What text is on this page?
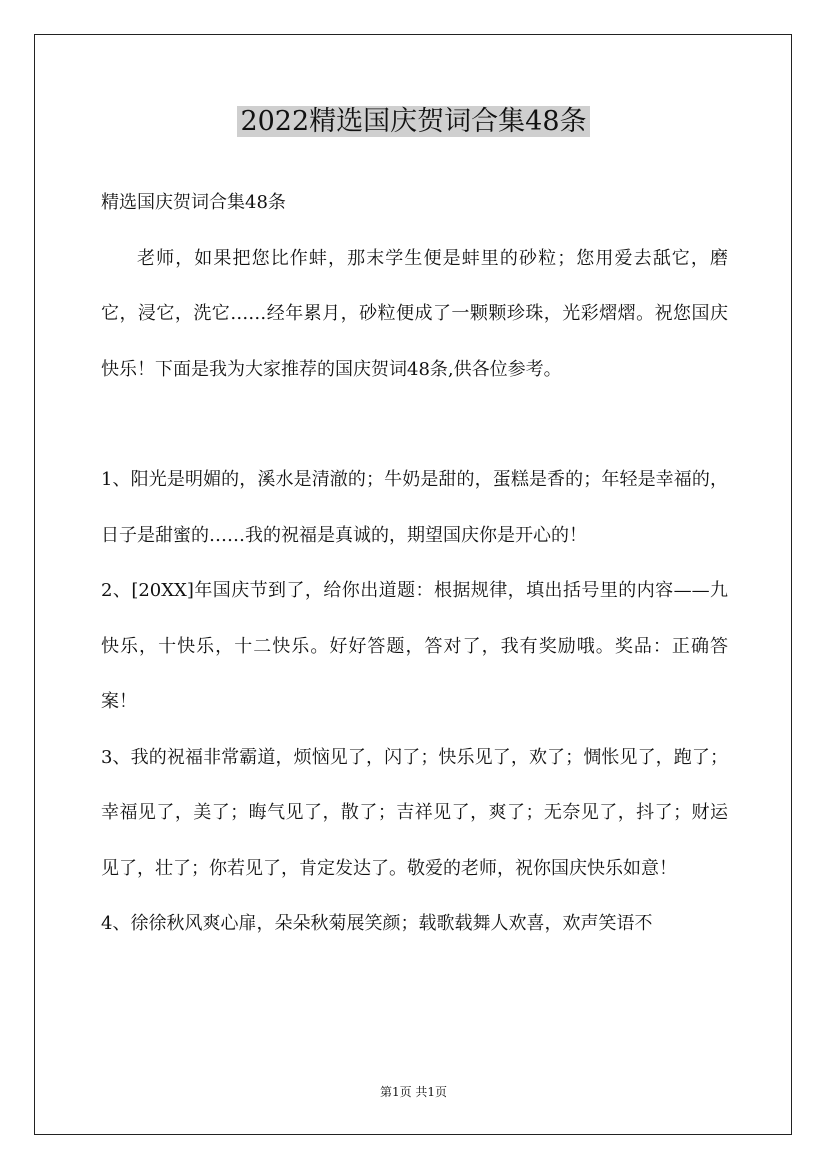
2022精选国庆贺词合集48条

精选国庆贺词合集48条

老师，如果把您比作蚌，那末学生便是蚌里的砂粒；您用爱去舐它，磨它，浸它，洗它……经年累月，砂粒便成了一颗颗珍珠，光彩熠熠。祝您国庆快乐！下面是我为大家推荐的国庆贺词48条,供各位参考。

1、阳光是明媚的，溪水是清澈的；牛奶是甜的，蛋糕是香的；年轻是幸福的，日子是甜蜜的……我的祝福是真诚的，期望国庆你是开心的！

2、[20XX]年国庆节到了，给你出道题：根据规律，填出括号里的内容——九快乐，十快乐，十二快乐。好好答题，答对了，我有奖励哦。奖品：正确答案！

3、我的祝福非常霸道，烦恼见了，闪了；快乐见了，欢了；惆怅见了，跑了；幸福见了，美了；晦气见了，散了；吉祥见了，爽了；无奈见了，抖了；财运见了，壮了；你若见了，肯定发达了。敬爱的老师，祝你国庆快乐如意！

4、徐徐秋风爽心扉，朵朵秋菊展笑颜；载歌载舞人欢喜，欢声笑语不

第1页 共1页
